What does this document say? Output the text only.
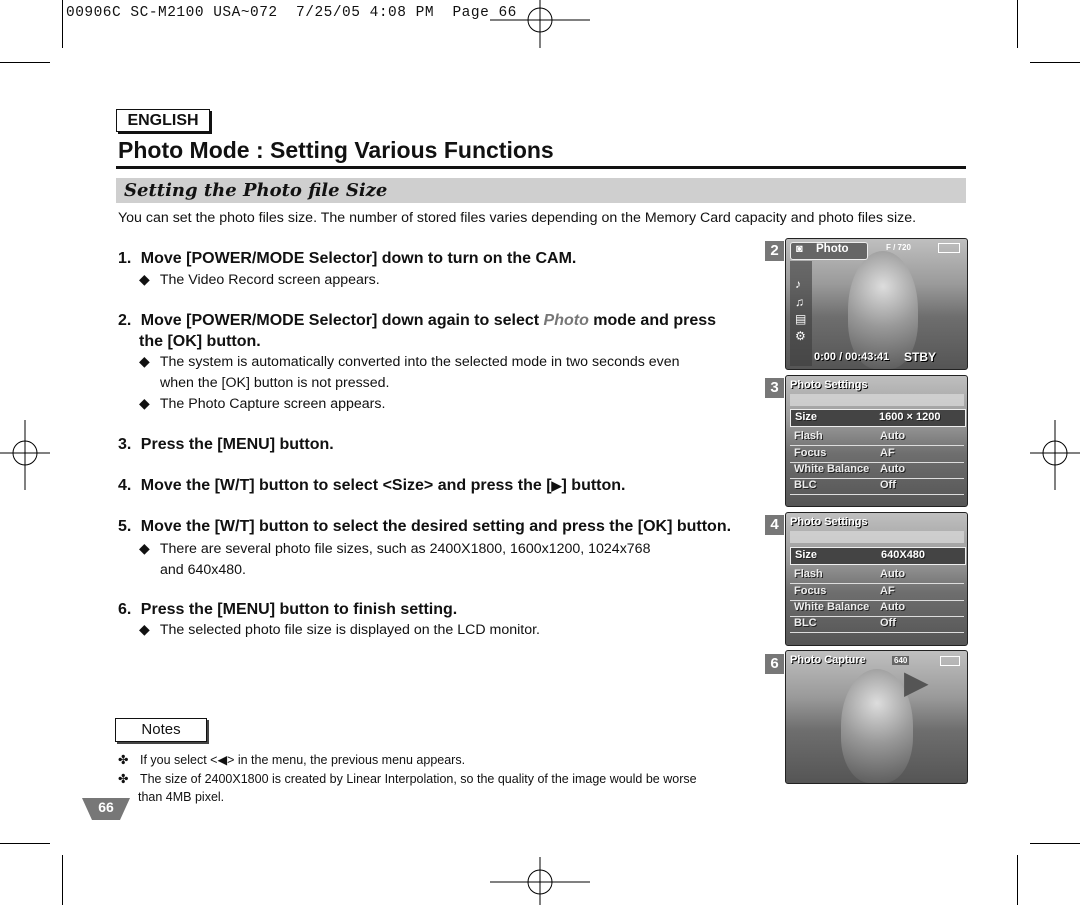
00906C SC-M2100 USA~072  7/25/05 4:08 PM  Page 66
ENGLISH
Photo Mode : Setting Various Functions
Setting the Photo file Size
You can set the photo files size. The number of stored files varies depending on the Memory Card capacity and photo files size.
1. Move [POWER/MODE Selector] down to turn on the CAM.
◆ The Video Record screen appears.
2. Move [POWER/MODE Selector] down again to select Photo mode and press
the [OK] button.
◆ The system is automatically converted into the selected mode in two seconds even
when the [OK] button is not pressed.
◆ The Photo Capture screen appears.
3. Press the [MENU] button.
4. Move the [W/T] button to select <Size> and press the [▶] button.
5. Move the [W/T] button to select the desired setting and press the [OK] button.
◆ There are several photo file sizes, such as 2400X1800, 1600x1200, 1024x768
and 640x480.
6. Press the [MENU] button to finish setting.
◆ The selected photo file size is displayed on the LCD monitor.
Notes
✤ If you select <◀> in the menu, the previous menu appears.
✤ The size of 2400X1800 is created by Linear Interpolation, so the quality of the image would be worse
than 4MB pixel.
66
2	◙ Photo	F / 720
♪
♫
▤
⚙
0:00 / 00:43:41 STBY
3	Photo Settings
Size	1600 × 1200
Flash	Auto
Focus	AF
White Balance Auto
BLC	Off
4	Photo Settings
Size	640X480
Flash	Auto
Focus	AF
White Balance Auto
BLC	Off
6	Photo Capture	640
▶
